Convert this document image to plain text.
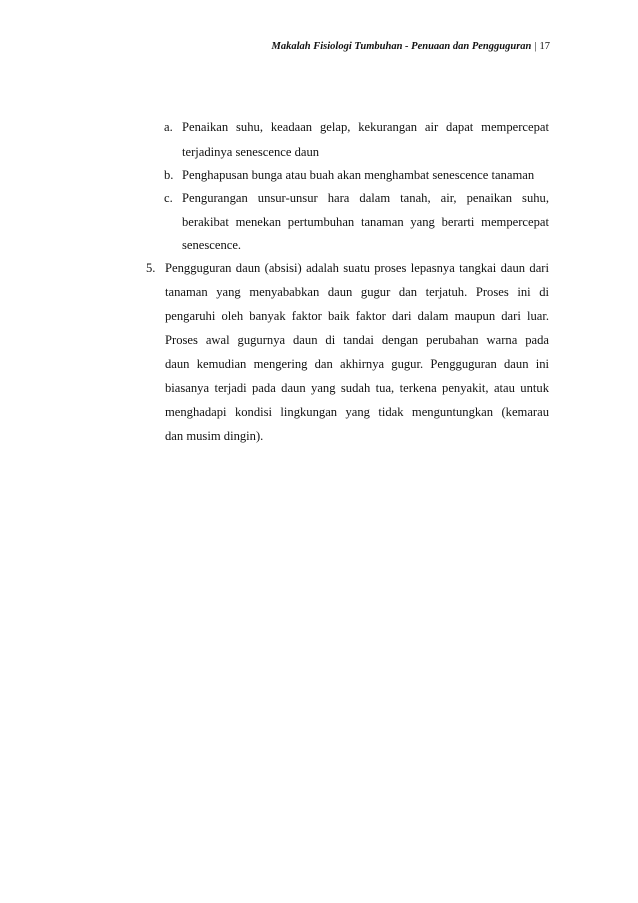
Makalah Fisiologi Tumbuhan - Penuaan dan Pengguguran | 17
a. Penaikan suhu, keadaan gelap, kekurangan air dapat mempercepat
terjadinya senescence daun
b. Penghapusan bunga atau buah akan menghambat senescence tanaman
c. Pengurangan unsur-unsur hara dalam tanah, air, penaikan suhu,
berakibat menekan pertumbuhan tanaman yang berarti mempercepat
senescence.
5. Pengguguran daun (absisi) adalah suatu proses lepasnya tangkai daun dari
tanaman yang menyababkan daun gugur dan terjatuh. Proses ini di
pengaruhi oleh banyak faktor baik faktor dari dalam maupun dari luar.
Proses awal gugurnya daun di tandai dengan perubahan warna pada
daun kemudian mengering dan akhirnya gugur. Pengguguran daun ini
biasanya terjadi pada daun yang sudah tua, terkena penyakit, atau untuk
menghadapi kondisi lingkungan yang tidak menguntungkan (kemarau
dan musim dingin).
